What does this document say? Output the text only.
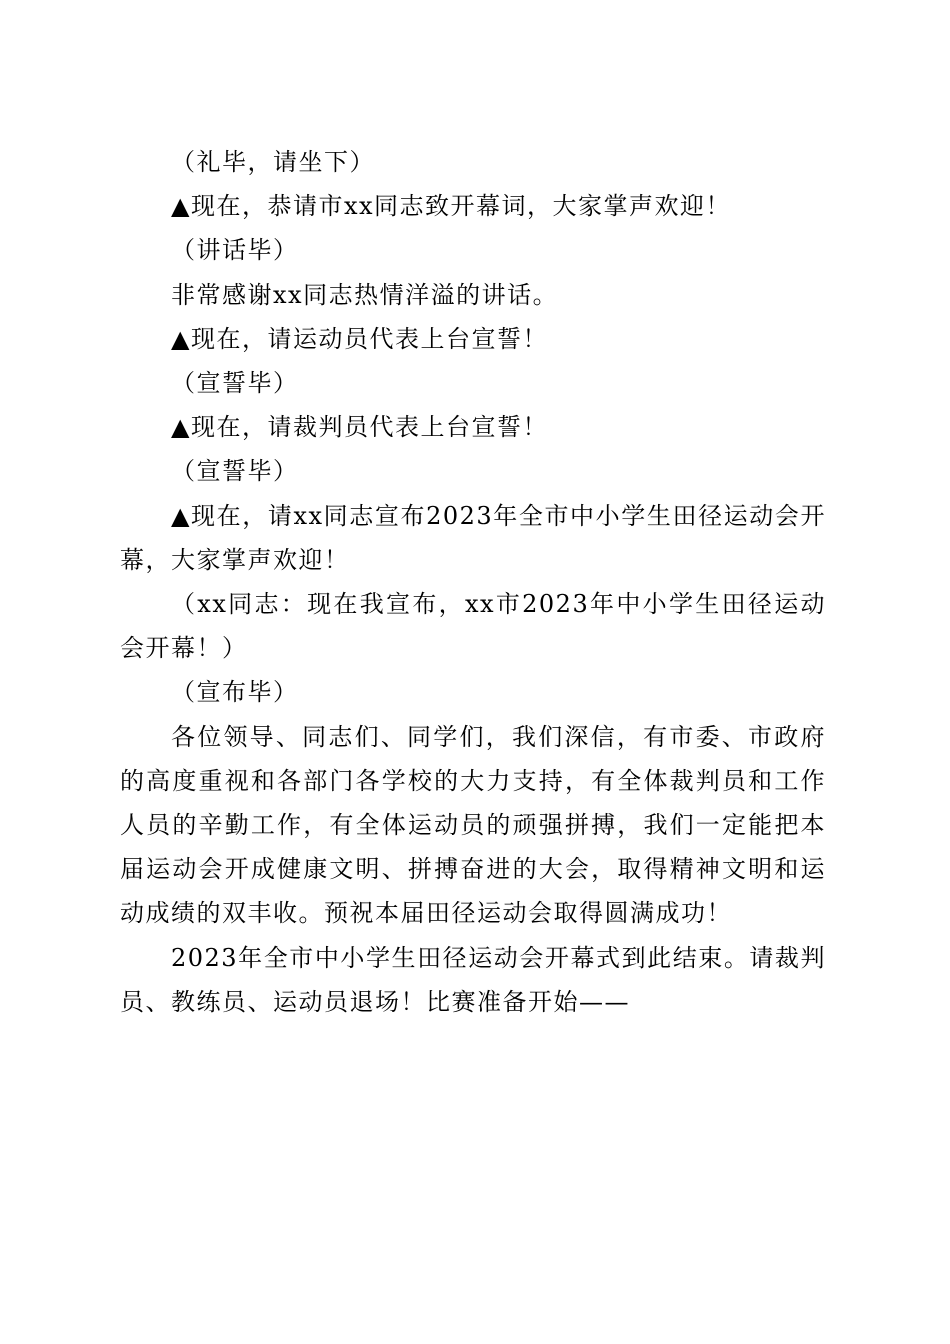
（礼毕，请坐下）

▲现在，恭请市xx同志致开幕词，大家掌声欢迎！

（讲话毕）

非常感谢xx同志热情洋溢的讲话。

▲现在，请运动员代表上台宣誓！

（宣誓毕）

▲现在，请裁判员代表上台宣誓！

（宣誓毕）

▲现在，请xx同志宣布2023年全市中小学生田径运动会开幕，大家掌声欢迎！

（xx同志：现在我宣布，xx市2023年中小学生田径运动会开幕！）

（宣布毕）

各位领导、同志们、同学们，我们深信，有市委、市政府的高度重视和各部门各学校的大力支持，有全体裁判员和工作人员的辛勤工作，有全体运动员的顽强拼搏，我们一定能把本届运动会开成健康文明、拼搏奋进的大会，取得精神文明和运动成绩的双丰收。预祝本届田径运动会取得圆满成功！

2023年全市中小学生田径运动会开幕式到此结束。请裁判员、教练员、运动员退场！比赛准备开始——
